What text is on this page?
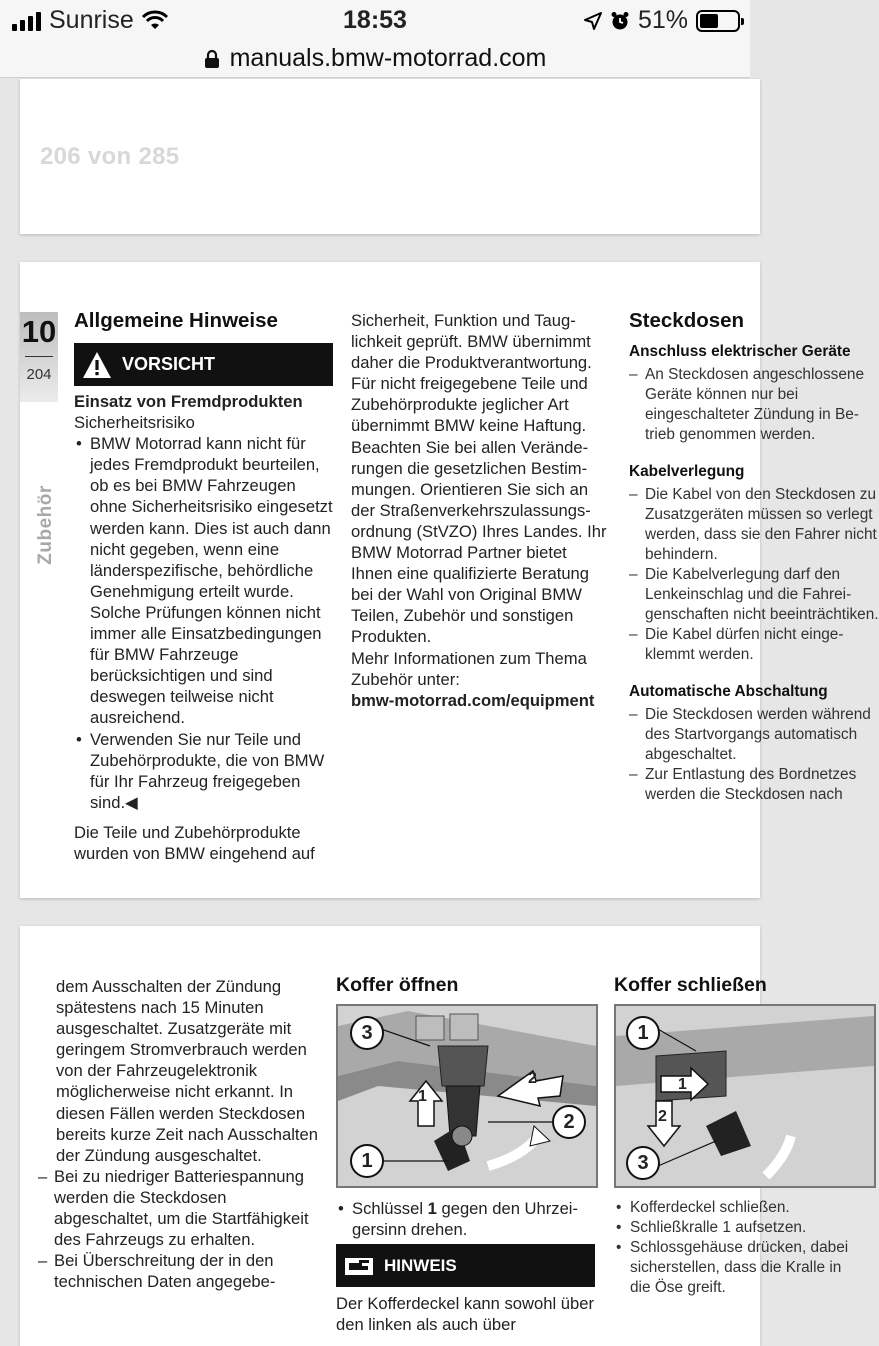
Sunrise	18:53	51%
manuals.bmw-motorrad.com
206 von 285
10
204
Zubehör
Allgemeine Hinweise
VORSICHT
Einsatz von Fremdprodukten
Sicherheitsrisiko
• BMW Motorrad kann nicht für jedes Fremdprodukt beurteilen, ob es bei BMW Fahrzeugen ohne Sicherheitsrisiko eingesetzt werden kann. Dies ist auch dann nicht gegeben, wenn eine länderspezifische, behördliche Genehmigung erteilt wurde. Solche Prüfungen können nicht immer alle Einsatzbedingungen für BMW Fahrzeuge berücksichtigen und sind deswegen teilweise nicht ausreichend.
• Verwenden Sie nur Teile und Zubehörprodukte, die von BMW für Ihr Fahrzeug freigegeben sind.◀
Die Teile und Zubehörprodukte wurden von BMW eingehend auf
Sicherheit, Funktion und Tauglichkeit geprüft. BMW übernimmt daher die Produktverantwortung. Für nicht freigegebene Teile und Zubehörprodukte jeglicher Art übernimmt BMW keine Haftung. Beachten Sie bei allen Veränderungen die gesetzlichen Bestimmungen. Orientieren Sie sich an der Straßenverkehrszulassungsordnung (StVZO) Ihres Landes. Ihr BMW Motorrad Partner bietet Ihnen eine qualifizierte Beratung bei der Wahl von Original BMW Teilen, Zubehör und sonstigen Produkten.
Mehr Informationen zum Thema Zubehör unter:
bmw-motorrad.com/equipment
Steckdosen
Anschluss elektrischer Geräte
– An Steckdosen angeschlossene Geräte können nur bei eingeschalteter Zündung in Betrieb genommen werden.
Kabelverlegung
– Die Kabel von den Steckdosen zu Zusatzgeräten müssen so verlegt werden, dass sie den Fahrer nicht behindern.
– Die Kabelverlegung darf den Lenkeinschlag und die Fahreigenschaften nicht beeinträchtiken.
– Die Kabel dürfen nicht eingeklemmt werden.
Automatische Abschaltung
– Die Steckdosen werden während des Startvorgangs automatisch abgeschaltet.
– Zur Entlastung des Bordnetzes werden die Steckdosen nach
dem Ausschalten der Zündung spätestens nach 15 Minuten ausgeschaltet. Zusatzgeräte mit geringem Stromverbrauch werden von der Fahrzeugelektronik möglicherweise nicht erkannt. In diesen Fällen werden Steckdosen bereits kurze Zeit nach Ausschalten der Zündung ausgeschaltet.
– Bei zu niedriger Batteriespannung werden die Steckdosen abgeschaltet, um die Startfähigkeit des Fahrzeugs zu erhalten.
– Bei Überschreitung der in den technischen Daten angegebe-
Koffer öffnen
3
2
1
1
2
• Schlüssel 1 gegen den Uhrzeigersinn drehen.
HINWEIS
Der Kofferdeckel kann sowohl über den linken als auch über
Koffer schließen
1
3
1
2
• Kofferdeckel schließen.
• Schließkralle 1 aufsetzen.
• Schlossgehäuse drücken, dabei sicherstellen, dass die Kralle in die Öse greift.
